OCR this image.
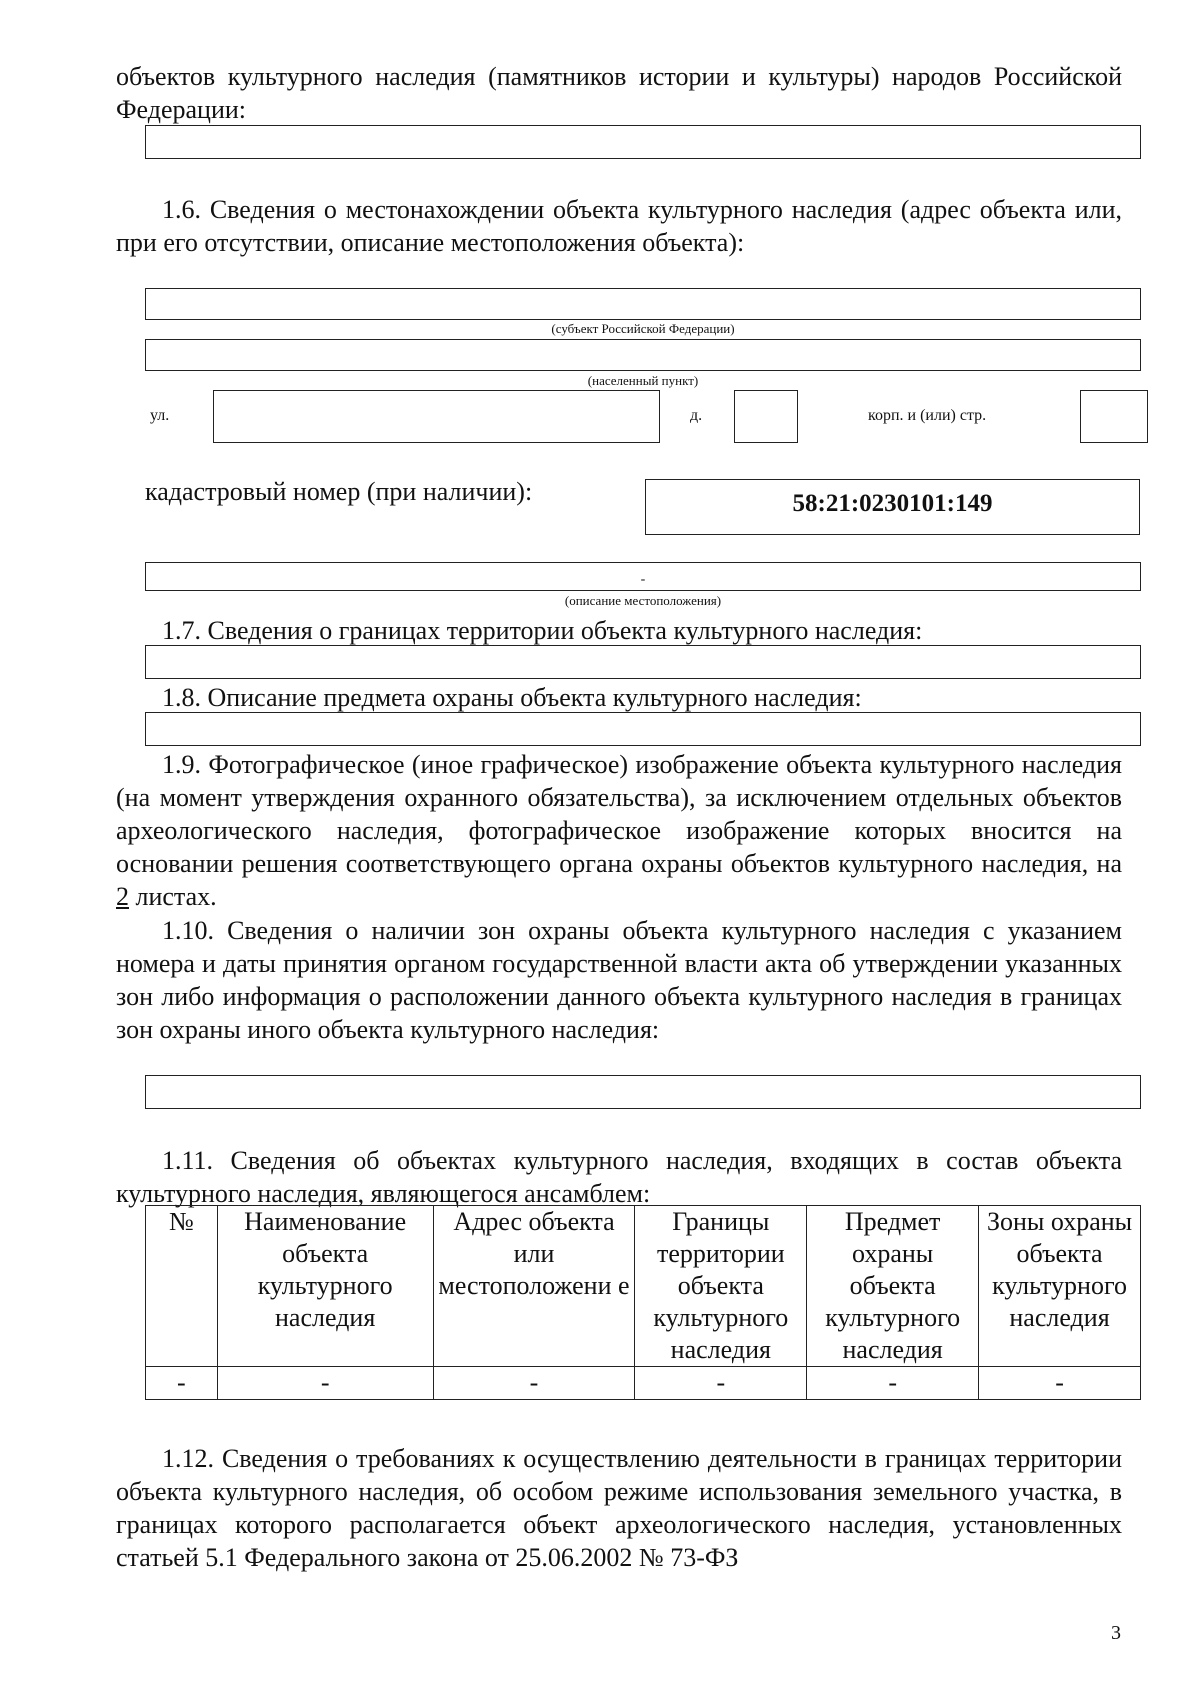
объектов культурного наследия (памятников истории и культуры) народов Российской Федерации:

1.6. Сведения о местонахождении объекта культурного наследия (адрес объекта или, при его отсутствии, описание местоположения объекта):

(субъект Российской Федерации)
(населенный пункт)
ул.	д.	корп. и (или) стр.
кадастровый номер (при наличии):	58:21:0230101:149
-
(описание местоположения)

1.7. Сведения о границах территории объекта культурного наследия:

1.8. Описание предмета охраны объекта культурного наследия:

1.9. Фотографическое (иное графическое) изображение объекта культурного наследия (на момент утверждения охранного обязательства), за исключением отдельных объектов археологического наследия, фотографическое изображение которых вносится на основании решения соответствующего органа охраны объектов культурного наследия, на 2 листах.

1.10. Сведения о наличии зон охраны объекта культурного наследия с указанием номера и даты принятия органом государственной власти акта об утверждении указанных зон либо информация о расположении данного объекта культурного наследия в границах зон охраны иного объекта культурного наследия:

1.11. Сведения об объектах культурного наследия, входящих в состав объекта культурного наследия, являющегося ансамблем:

№	Наименование объекта культурного наследия	Адрес объекта или местоположени е	Границы территории объекта культурного наследия	Предмет охраны объекта культурного наследия	Зоны охраны объекта культурного наследия
-	-	-	-	-	-

1.12. Сведения о требованиях к осуществлению деятельности в границах территории объекта культурного наследия, об особом режиме использования земельного участка, в границах которого располагается объект археологического наследия, установленных статьей 5.1 Федерального закона от 25.06.2002 № 73-ФЗ

3
